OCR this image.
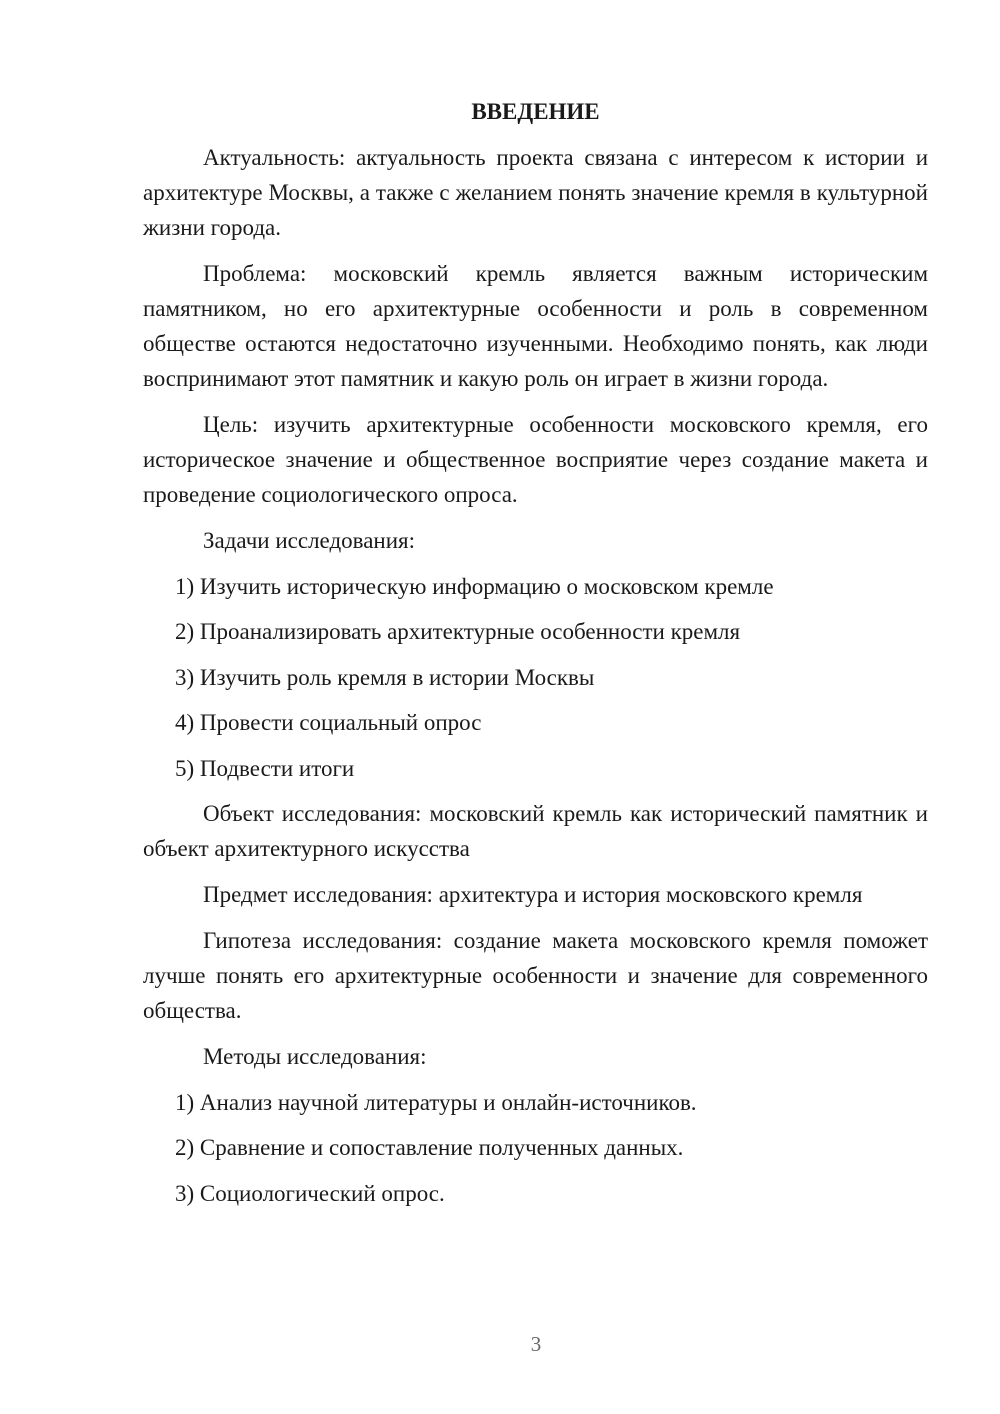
ВВЕДЕНИЕ

Актуальность: актуальность проекта связана с интересом к истории и архитектуре Москвы, а также с желанием понять значение кремля в культурной жизни города.

Проблема: московский кремль является важным историческим памятником, но его архитектурные особенности и роль в современном обществе остаются недостаточно изученными. Необходимо понять, как люди воспринимают этот памятник и какую роль он играет в жизни города.

Цель: изучить архитектурные особенности московского кремля, его историческое значение и общественное восприятие через создание макета и проведение социологического опроса.

Задачи исследования:

1) Изучить историческую информацию о московском кремле
2) Проанализировать архитектурные особенности кремля
3) Изучить роль кремля в истории Москвы
4) Провести социальный опрос
5) Подвести итоги

Объект исследования: московский кремль как исторический памятник и объект архитектурного искусства

Предмет исследования: архитектура и история московского кремля

Гипотеза исследования: создание макета московского кремля поможет лучше понять его архитектурные особенности и значение для современного общества.

Методы исследования:

1) Анализ научной литературы и онлайн-источников.
2) Сравнение и сопоставление полученных данных.
3) Социологический опрос.
3
